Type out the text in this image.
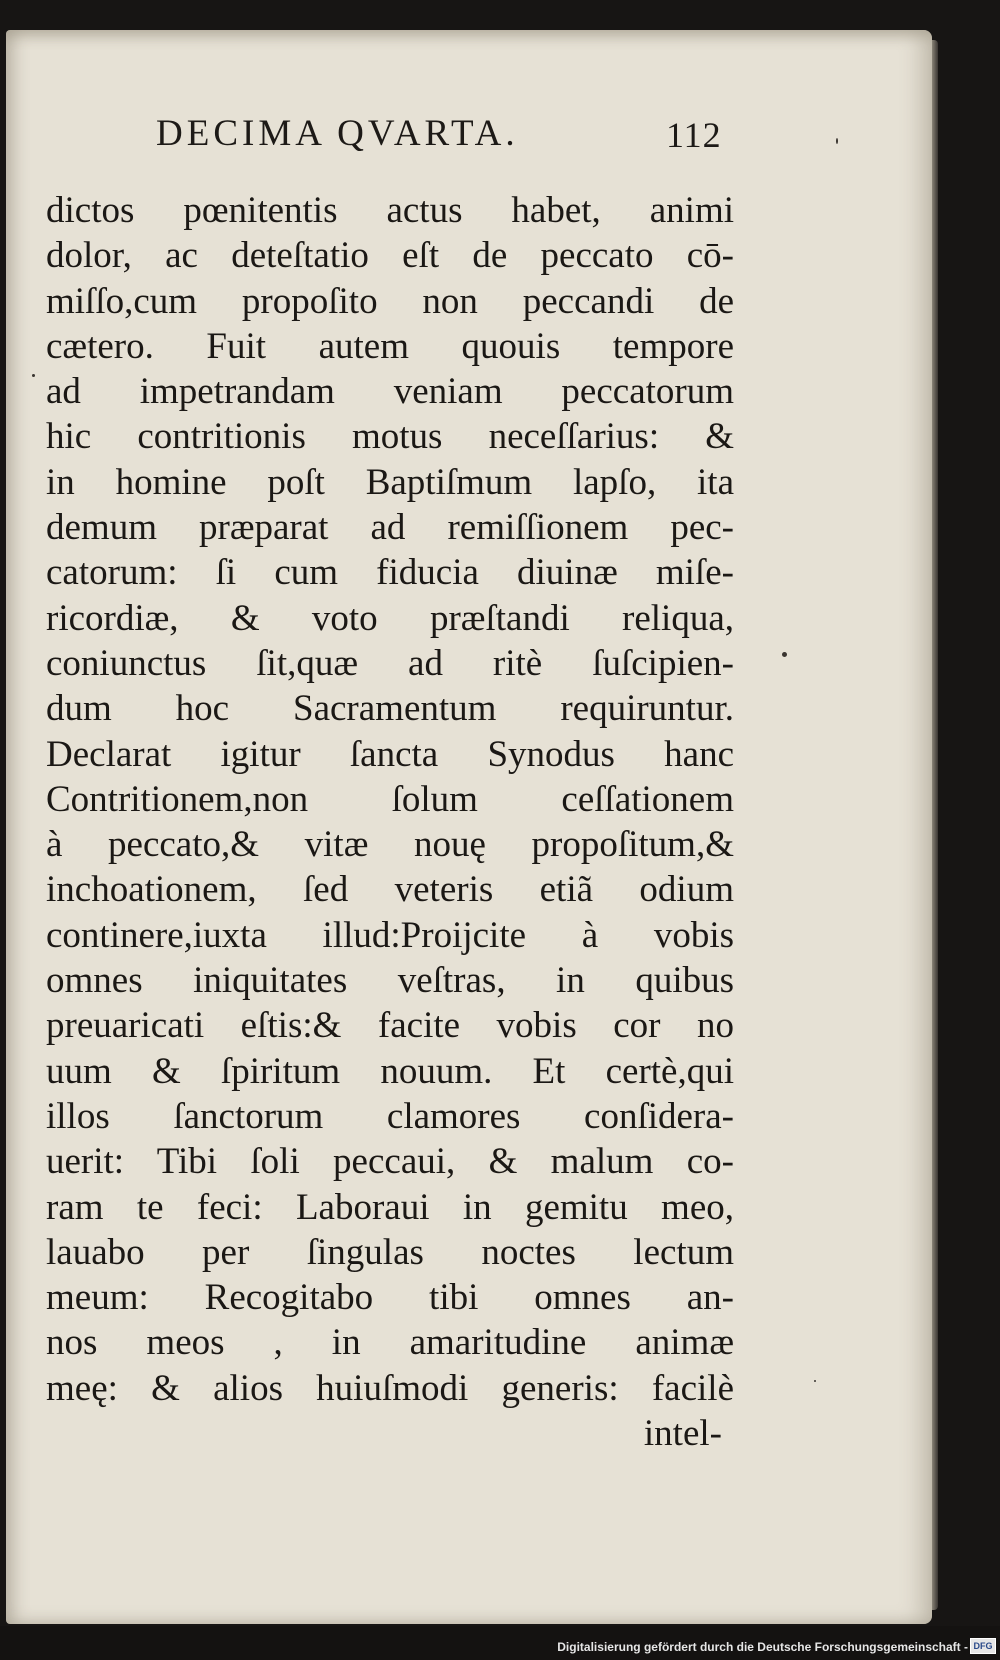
DECIMA QVARTA.	112
dictos pœnitentis actus habet, animi
dolor, ac deteſtatio eſt de peccato cō-
miſſo,cum propoſito non peccandi de
cætero. Fuit autem quouis tempore
ad impetrandam veniam peccatorum
hic contritionis motus neceſſarius: &
in homine poſt Baptiſmum lapſo, ita
demum præparat ad remiſſionem pec-
catorum: ſi cum fiducia diuinæ miſe-
ricordiæ, & voto præſtandi reliqua,
coniunctus ſit,quæ ad ritè ſuſcipien-
dum hoc Sacramentum requiruntur.
Declarat igitur ſancta Synodus hanc
Contritionem,non ſolum ceſſationem
à peccato,& vitæ nouę propoſitum,&
inchoationem, ſed veteris etiã odium
continere,iuxta illud:Proijcite à vobis
omnes iniquitates veſtras, in quibus
preuaricati eſtis:& facite vobis cor no
uum & ſpiritum nouum. Et certè,qui
illos ſanctorum clamores conſidera-
uerit: Tibi ſoli peccaui, & malum co-
ram te feci: Laboraui in gemitu meo,
lauabo per ſingulas noctes lectum
meum: Recogitabo tibi omnes an-
nos meos , in amaritudine animæ
meę: & alios huiuſmodi generis: facilè
intel-
Digitalisierung gefördert durch die Deutsche Forschungsgemeinschaft - DFG
